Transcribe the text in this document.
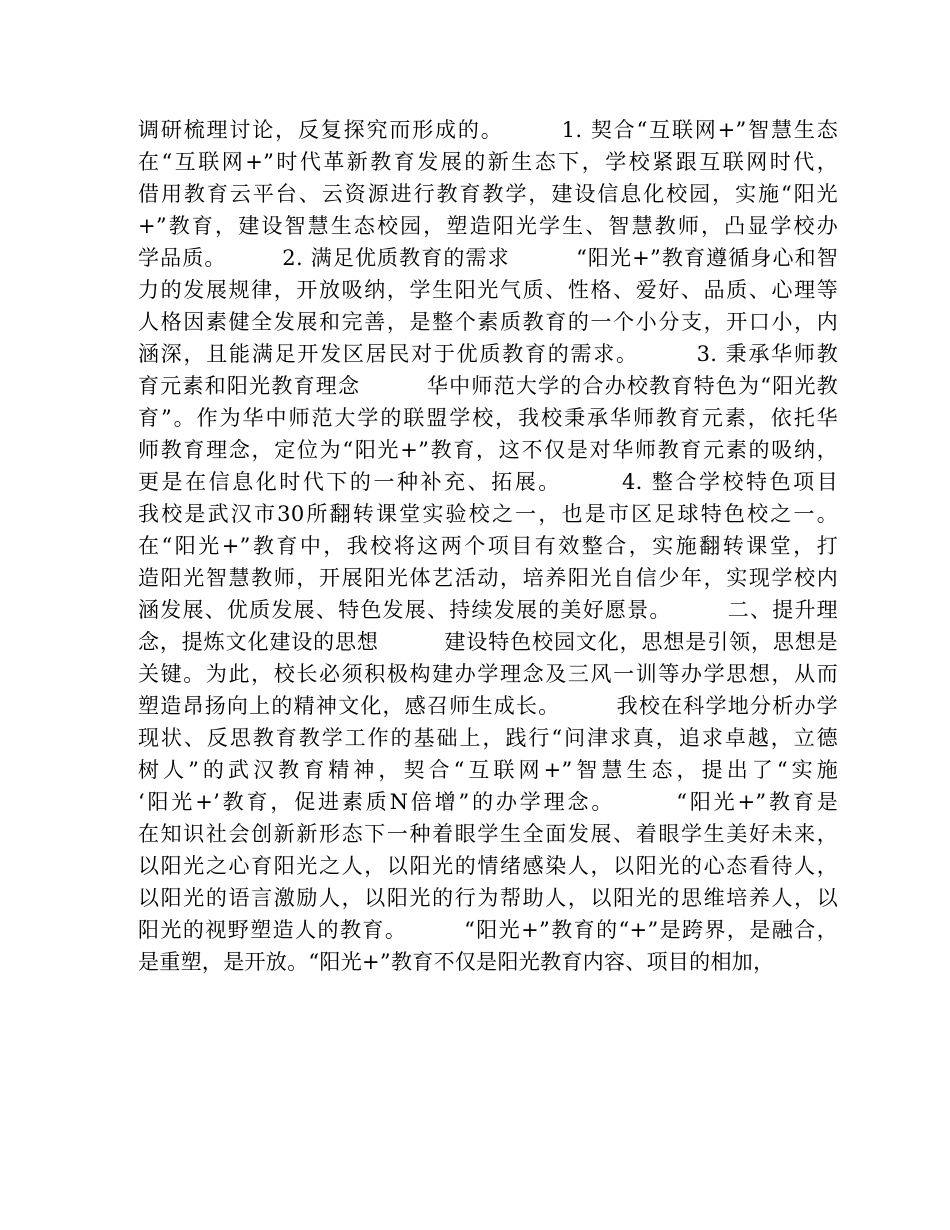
调研梳理讨论，反复探究而形成的。　　　1. 契合“互联网+”智慧生态
在“互联网+”时代革新教育发展的新生态下，学校紧跟互联网时代，
借用教育云平台、云资源进行教育教学，建设信息化校园，实施“阳光
+”教育，建设智慧生态校园，塑造阳光学生、智慧教师，凸显学校办
学品质。　　　2. 满足优质教育的需求　　　“阳光+”教育遵循身心和智
力的发展规律，开放吸纳，学生阳光气质、性格、爱好、品质、心理等
人格因素健全发展和完善，是整个素质教育的一个小分支，开口小，内
涵深，且能满足开发区居民对于优质教育的需求。　　　3. 秉承华师教
育元素和阳光教育理念　　　华中师范大学的合办校教育特色为“阳光教
育”。作为华中师范大学的联盟学校，我校秉承华师教育元素，依托华
师教育理念，定位为“阳光+”教育，这不仅是对华师教育元素的吸纳，
更是在信息化时代下的一种补充、拓展。　　　4. 整合学校特色项目
我校是武汉市30所翻转课堂实验校之一，也是市区足球特色校之一。
在“阳光+”教育中，我校将这两个项目有效整合，实施翻转课堂，打
造阳光智慧教师，开展阳光体艺活动，培养阳光自信少年，实现学校内
涵发展、优质发展、特色发展、持续发展的美好愿景。　　　二、提升理
念，提炼文化建设的思想　　　建设特色校园文化，思想是引领，思想是
关键。为此，校长必须积极构建办学理念及三风一训等办学思想，从而
塑造昂扬向上的精神文化，感召师生成长。　　　我校在科学地分析办学
现状、反思教育教学工作的基础上，践行“问津求真，追求卓越，立德
树人”的武汉教育精神，契合“互联网+”智慧生态，提出了“实施
‘阳光+’教育，促进素质N倍增”的办学理念。　　　“阳光+”教育是
在知识社会创新新形态下一种着眼学生全面发展、着眼学生美好未来，
以阳光之心育阳光之人，以阳光的情绪感染人，以阳光的心态看待人，
以阳光的语言激励人，以阳光的行为帮助人，以阳光的思维培养人，以
阳光的视野塑造人的教育。　　　“阳光+”教育的“+”是跨界，是融合，
是重塑，是开放。“阳光+”教育不仅是阳光教育内容、项目的相加，
